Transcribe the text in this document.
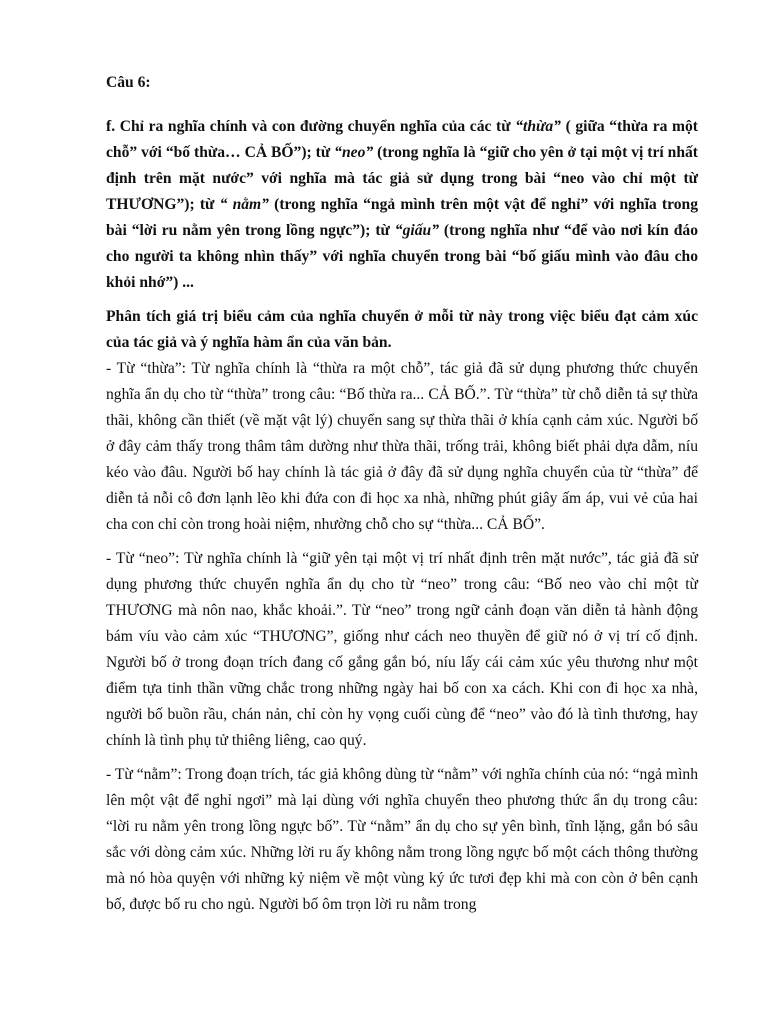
Câu 6:

f. Chỉ ra nghĩa chính và con đường chuyển nghĩa của các từ “thừa” ( giữa “thừa ra một chỗ” với “bố thừa… CẢ BỐ”); từ “neo” (trong nghĩa là “giữ cho yên ở tại một vị trí nhất định trên mặt nước” với nghĩa mà tác giả sử dụng trong bài “neo vào chỉ một từ THƯƠNG”); từ “ nằm” (trong nghĩa “ngả mình trên một vật để nghỉ” với nghĩa trong bài “lời ru nằm yên trong lồng ngực”); từ “giấu” (trong nghĩa như “để vào nơi kín đáo cho người ta không nhìn thấy” với nghĩa chuyển trong bài “bố giấu mình vào đâu cho khỏi nhớ”) ...

Phân tích giá trị biểu cảm của nghĩa chuyển ở mỗi từ này trong việc biểu đạt cảm xúc của tác giả và ý nghĩa hàm ẩn của văn bản.

- Từ “thừa”: Từ nghĩa chính là “thừa ra một chỗ”, tác giả đã sử dụng phương thức chuyển nghĩa ẩn dụ cho từ “thừa” trong câu: “Bố thừa ra... CẢ BỐ.”. Từ “thừa” từ chỗ diễn tả sự thừa thãi, không cần thiết (về mặt vật lý) chuyển sang sự thừa thãi ở khía cạnh cảm xúc. Người bố ở đây cảm thấy trong thâm tâm dường như thừa thãi, trống trải, không biết phải dựa dẫm, níu kéo vào đâu. Người bố hay chính là tác giả ở đây đã sử dụng nghĩa chuyển của từ “thừa” để diễn tả nỗi cô đơn lạnh lẽo khi đứa con đi học xa nhà, những phút giây ấm áp, vui vẻ của hai cha con chỉ còn trong hoài niệm, nhường chỗ cho sự “thừa... CẢ BỐ”.

- Từ “neo”: Từ nghĩa chính là “giữ yên tại một vị trí nhất định trên mặt nước”, tác giả đã sử dụng phương thức chuyển nghĩa ẩn dụ cho từ “neo” trong câu: “Bố neo vào chỉ một từ THƯƠNG mà nôn nao, khắc khoải.”. Từ “neo” trong ngữ cảnh đoạn văn diễn tả hành động bám víu vào cảm xúc “THƯƠNG”, giống như cách neo thuyền để giữ nó ở vị trí cố định. Người bố ở trong đoạn trích đang cố gắng gắn bó, níu lấy cái cảm xúc yêu thương như một điểm tựa tinh thần vững chắc trong những ngày hai bố con xa cách. Khi con đi học xa nhà, người bố buồn rầu, chán nản, chỉ còn hy vọng cuối cùng để “neo” vào đó là tình thương, hay chính là tình phụ tử thiêng liêng, cao quý.

- Từ “nằm”: Trong đoạn trích, tác giả không dùng từ “nằm” với nghĩa chính của nó: “ngả mình lên một vật để nghỉ ngơi” mà lại dùng với nghĩa chuyển theo phương thức ẩn dụ trong câu: “lời ru nằm yên trong lồng ngực bố”. Từ “nằm” ẩn dụ cho sự yên bình, tĩnh lặng, gắn bó sâu sắc với dòng cảm xúc. Những lời ru ấy không nằm trong lồng ngực bố một cách thông thường mà nó hòa quyện với những kỷ niệm về một vùng ký ức tươi đẹp khi mà con còn ở bên cạnh bố, được bố ru cho ngủ. Người bố ôm trọn lời ru nằm trong
